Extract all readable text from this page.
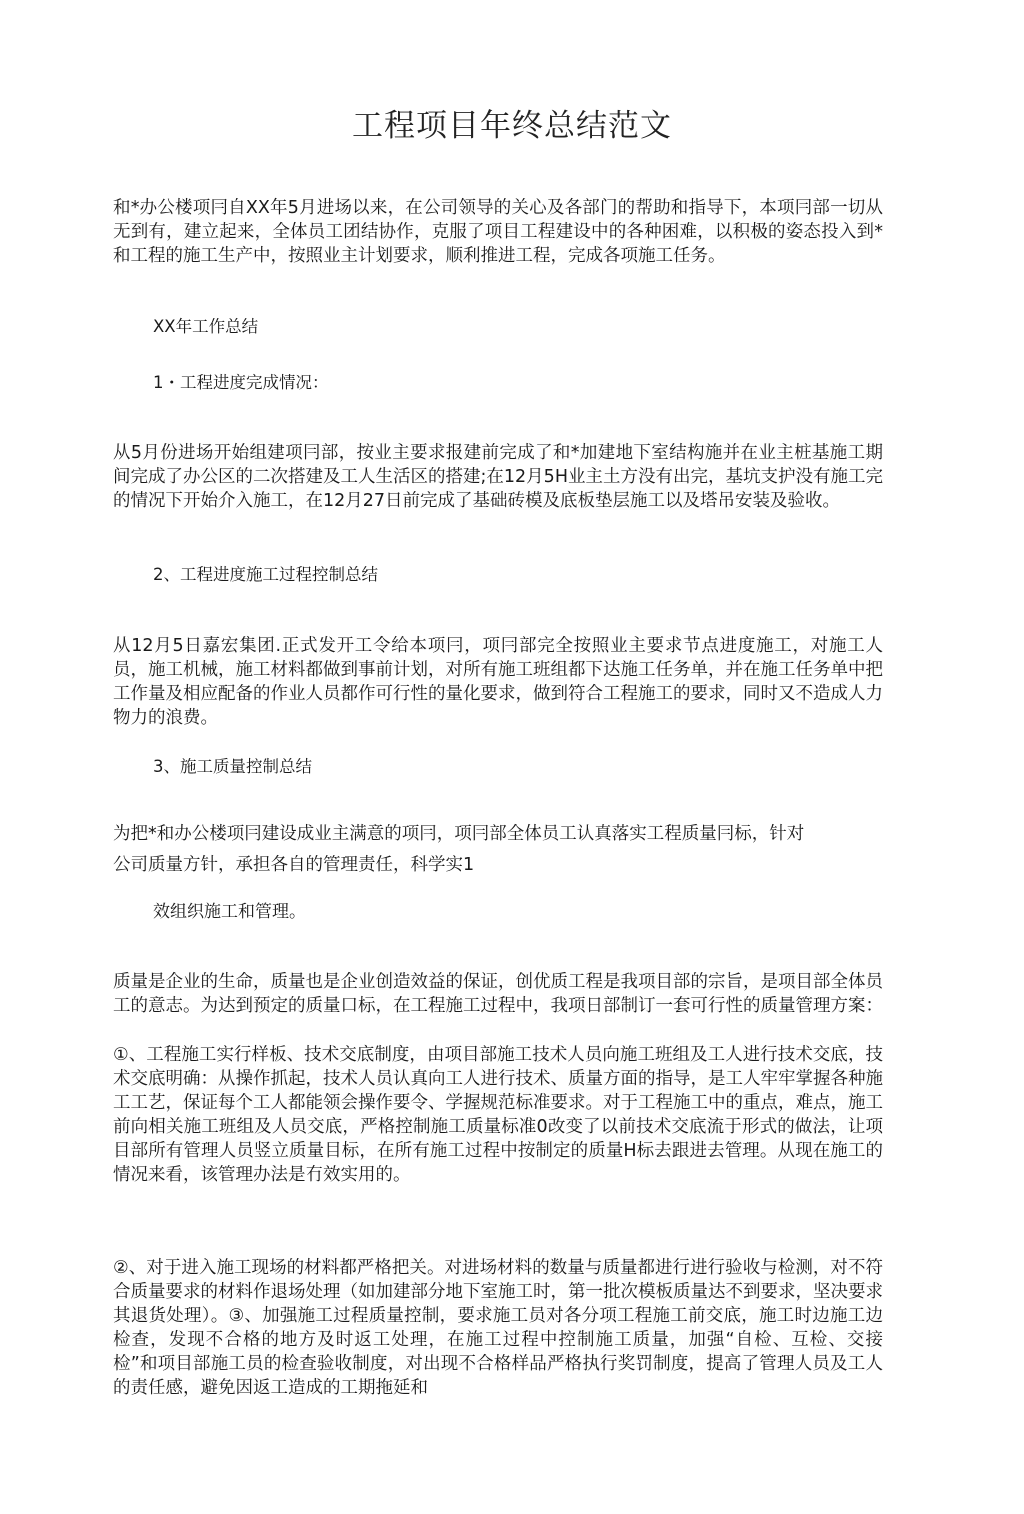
工程项目年终总结范文

和*办公楼项冃自XX年5月进场以来，在公司领导的关心及各部门的帮助和指导下，本项冃部一切从无到有，建立起来，全体员工团结协作，克服了项目工程建设中的各种困难，以积极的姿态投入到*和工程的施工生产中，按照业主计划要求，顺利推进工程，完成各项施工任务。

XX年工作总结

1・工程进度完成情况：

从5月份进场开始组建项冃部，按业主要求报建前完成了和*加建地下室结构施并在业主桩基施工期间完成了办公区的二次搭建及工人生活区的搭建;在12月5H业主土方没有出完，基坑支护没有施工完的情况下开始介入施工，在12月27日前完成了基础砖模及底板垫层施工以及塔吊安装及验收。

2、工程进度施工过程控制总结

从12月5日嘉宏集团.正式发开工令给本项冃，项冃部完全按照业主要求节点进度施工，对施工人员，施工机械，施工材料都做到事前计划，对所有施工班组都下达施工任务单，并在施工任务单中把工作量及相应配备的作业人员都作可行性的量化要求，做到符合工程施工的要求，同时又不造成人力物力的浪费。

3、施工质量控制总结

为把*和办公楼项冃建设成业主满意的项冃，项冃部全体员工认真落实工程质量冃标，针对

公司质量方针，承担各自的管理责任，科学实1

效组织施工和管理。

质量是企业的生命，质量也是企业创造效益的保证，创优质工程是我项目部的宗旨，是项目部全体员工的意志。为达到预定的质量口标，在工程施工过程中，我项日部制订一套可行性的质量管理方案：

①、工程施工实行样板、技术交底制度，由项目部施工技术人员向施工班组及工人进行技术交底，技术交底明确：从操作抓起，技术人员认真向工人进行技术、质量方面的指导，是工人牢牢掌握各种施工工艺，保证每个工人都能领会操作要令、学握规范标准要求。对于工程施工中的重点，难点，施工前向相关施工班组及人员交底，严格控制施工质量标准0改变了以前技术交底流于形式的做法，让项目部所有管理人员竖立质量目标，在所有施工过程中按制定的质量H标去跟进去管理。从现在施工的情况来看，该管理办法是冇效实用的。

②、对于进入施工现场的材料都严格把关。对进场材料的数量与质量都进行进行验收与检测，对不符合质量要求的材料作退场处理（如加建部分地下室施工时，第一批次模板质量达不到要求，坚决要求其退货处理）。③、加强施工过程质量控制，要求施工员对各分项工程施工前交底，施工时边施工边检查，发现不合格的地方及时返工处理，在施工过程中控制施工质量，加强“自检、互检、交接检”和项目部施工员的检查验收制度，对出现不合格样品严格执行奖罚制度，提高了管理人员及工人的责任感，避免因返工造成的工期拖延和
